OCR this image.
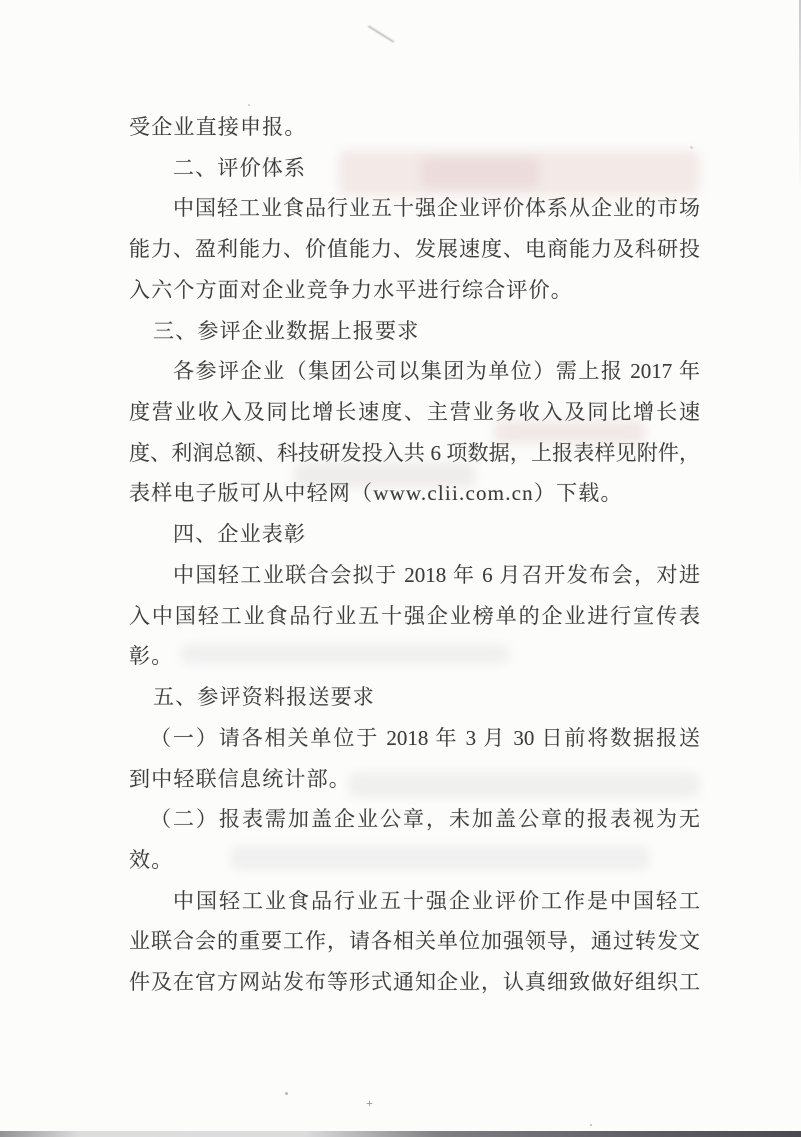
受企业直接申报。
二、评价体系
中国轻工业食品行业五十强企业评价体系从企业的市场
能力、盈利能力、价值能力、发展速度、电商能力及科研投
入六个方面对企业竞争力水平进行综合评价。
三、参评企业数据上报要求
各参评企业（集团公司以集团为单位）需上报 2017 年
度营业收入及同比增长速度、主营业务收入及同比增长速
度、利润总额、科技研发投入共 6 项数据，上报表样见附件，
表样电子版可从中轻网（www.clii.com.cn）下载。
四、企业表彰
中国轻工业联合会拟于 2018 年 6 月召开发布会，对进
入中国轻工业食品行业五十强企业榜单的企业进行宣传表
彰。
五、参评资料报送要求
（一）请各相关单位于 2018 年 3 月 30 日前将数据报送
到中轻联信息统计部。
（二）报表需加盖企业公章，未加盖公章的报表视为无
效。
中国轻工业食品行业五十强企业评价工作是中国轻工
业联合会的重要工作，请各相关单位加强领导，通过转发文
件及在官方网站发布等形式通知企业，认真细致做好组织工
+
